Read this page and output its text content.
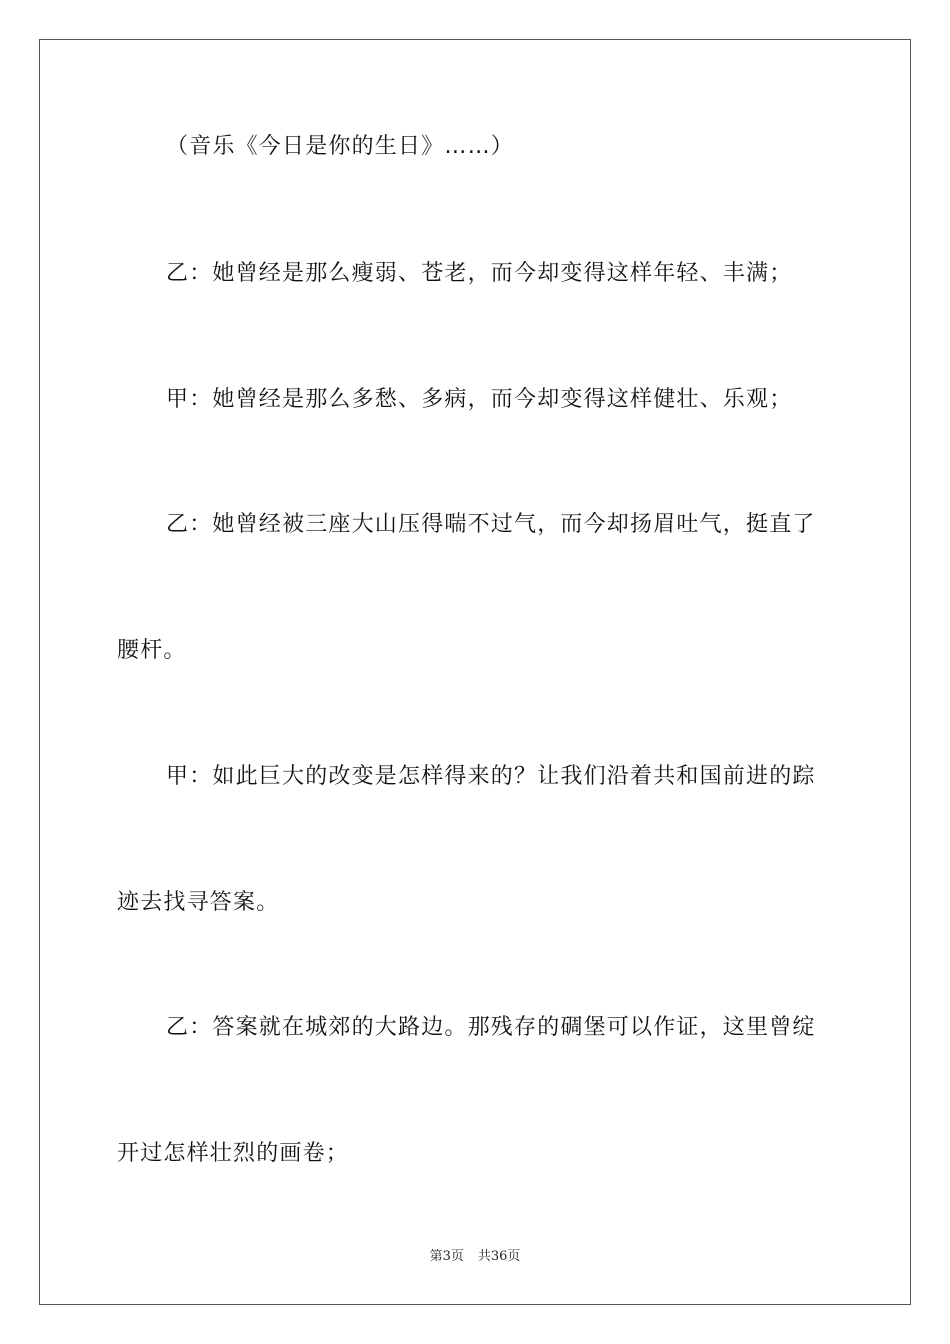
（音乐《今日是你的生日》……）
乙：她曾经是那么瘦弱、苍老，而今却变得这样年轻、丰满；
甲：她曾经是那么多愁、多病，而今却变得这样健壮、乐观；
乙：她曾经被三座大山压得喘不过气，而今却扬眉吐气，挺直了
腰杆。
甲：如此巨大的改变是怎样得来的？让我们沿着共和国前进的踪
迹去找寻答案。
乙：答案就在城郊的大路边。那残存的碉堡可以作证，这里曾绽
开过怎样壮烈的画卷；
第3页 共36页
